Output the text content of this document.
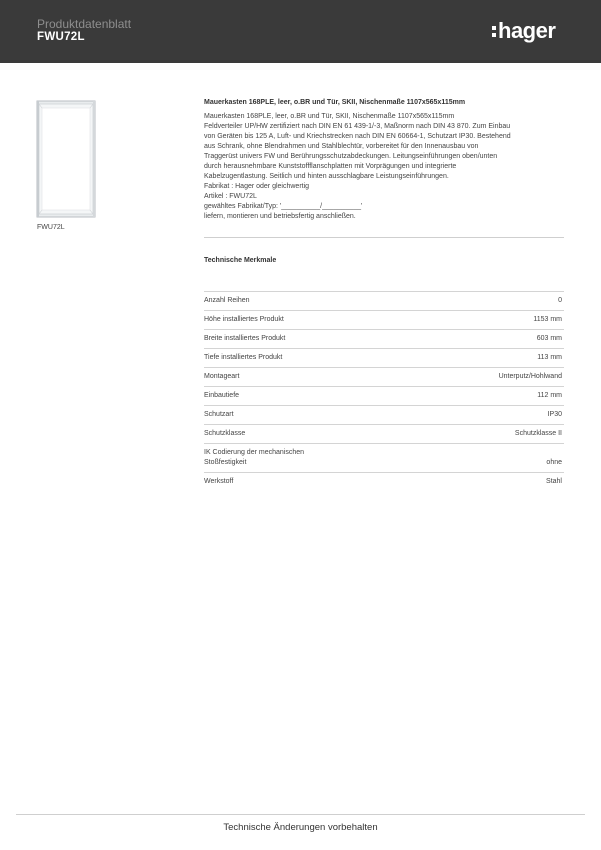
Produktdatenblatt
FWU72L	hager
FWU72L
Mauerkasten 168PLE, leer, o.BR und Tür, SKII, Nischenmaße 1107x565x115mm

Mauerkasten 168PLE, leer, o.BR und Tür, SKII, Nischenmaße 1107x565x115mm

Feldverteiler UP/HW zertifiziert nach DIN EN 61 439-1/-3, Maßnorm nach DIN 43 870. Zum Einbau

von Geräten bis 125 A, Luft- und Kriechstrecken nach DIN EN 60664-1, Schutzart IP30. Bestehend

aus Schrank, ohne Blendrahmen und Stahlblechtür, vorbereitet für den Innenausbau von

Traggerüst univers FW und Berührungsschutzabdeckungen. Leitungseinführungen oben/unten

durch herausnehmbare Kunststoffflanschplatten mit Vorprägungen und integrierte

Kabelzugentlastung. Seitlich und hinten ausschlagbare Leistungseinführungen.

Fabrikat : Hager oder gleichwertig

Artikel : FWU72L

gewähltes Fabrikat/Typ: '__________/__________'

liefern, montieren und betriebsfertig anschließen.

Technische Merkmale
Anzahl Reihen	0
Höhe installiertes Produkt	1153 mm
Breite installiertes Produkt	603 mm
Tiefe installiertes Produkt	113 mm
Montageart	Unterputz/Hohlwand
Einbautiefe	112 mm
Schutzart	IP30
Schutzklasse	Schutzklasse II
IK Codierung der mechanischen
Stoßfestigkeit	ohne
Werkstoff	Stahl
Technische Änderungen vorbehalten
